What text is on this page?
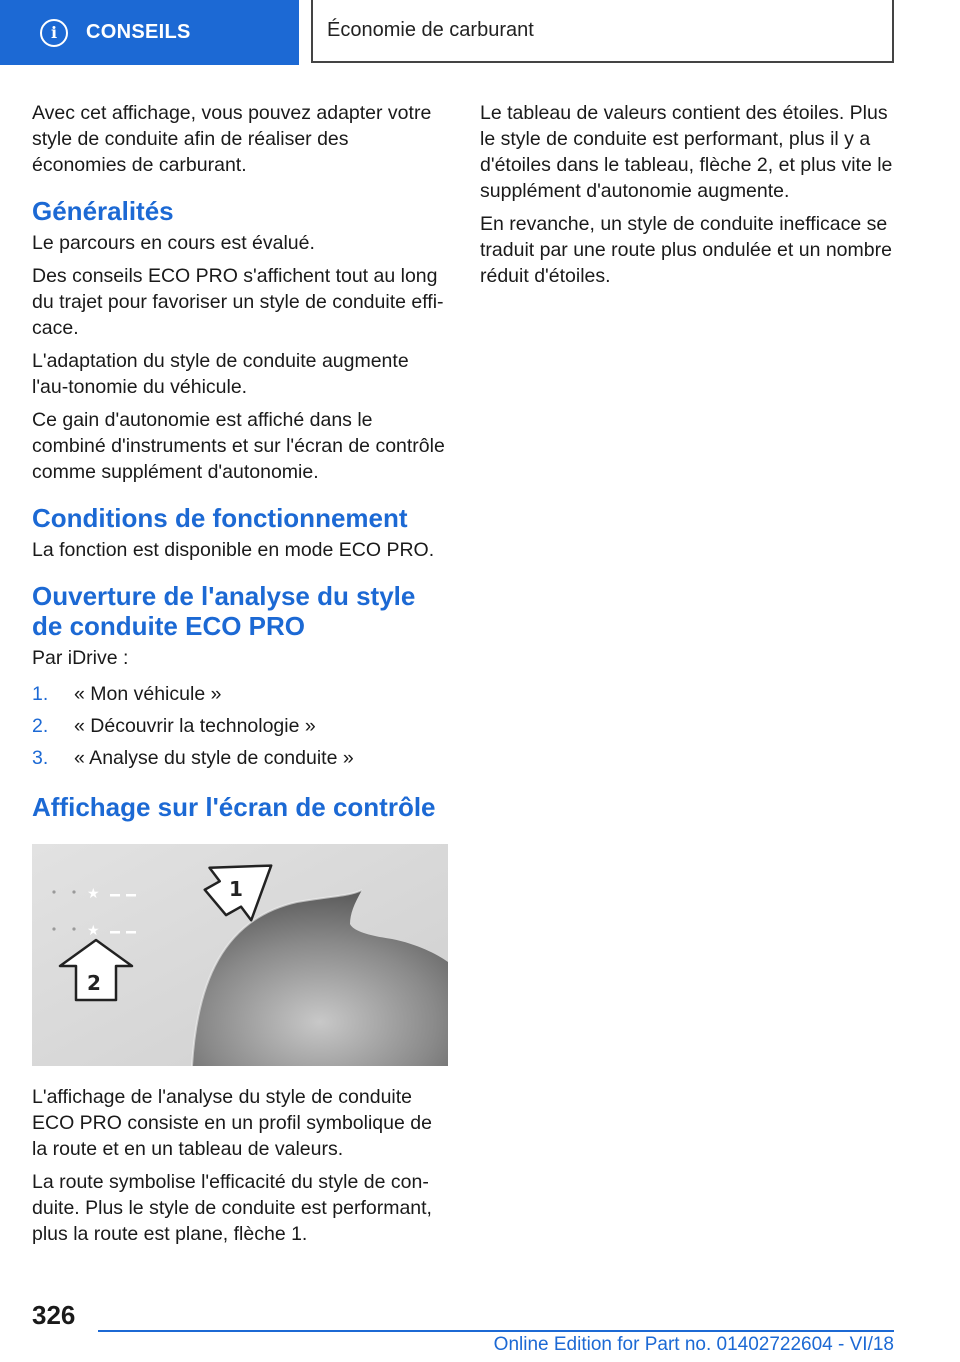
i	CONSEILS	Économie de carburant

Avec cet affichage, vous pouvez adapter votre style de conduite afin de réaliser des économies de carburant.

Généralités

Le parcours en cours est évalué.

Des conseils ECO PRO s'affichent tout au long du trajet pour favoriser un style de conduite effi‐cace.

L'adaptation du style de conduite augmente l'au‐tonomie du véhicule.

Ce gain d'autonomie est affiché dans le combiné d'instruments et sur l'écran de contrôle comme supplément d'autonomie.

Conditions de fonctionnement

La fonction est disponible en mode ECO PRO.

Ouverture de l'analyse du style de conduite ECO PRO

Par iDrive :

1.	« Mon véhicule »
2.	« Découvrir la technologie »
3.	« Analyse du style de conduite »
Affichage sur l'écran de contrôle
★
★
1
2

L'affichage de l'analyse du style de conduite ECO PRO consiste en un profil symbolique de la route et en un tableau de valeurs.

La route symbolise l'efficacité du style de con‐duite. Plus le style de conduite est performant, plus la route est plane, flèche 1.

Le tableau de valeurs contient des étoiles. Plus le style de conduite est performant, plus il y a d'étoiles dans le tableau, flèche 2, et plus vite le supplément d'autonomie augmente.

En revanche, un style de conduite inefficace se traduit par une route plus ondulée et un nombre réduit d'étoiles.

326
Online Edition for Part no. 01402722604 - VI/18
